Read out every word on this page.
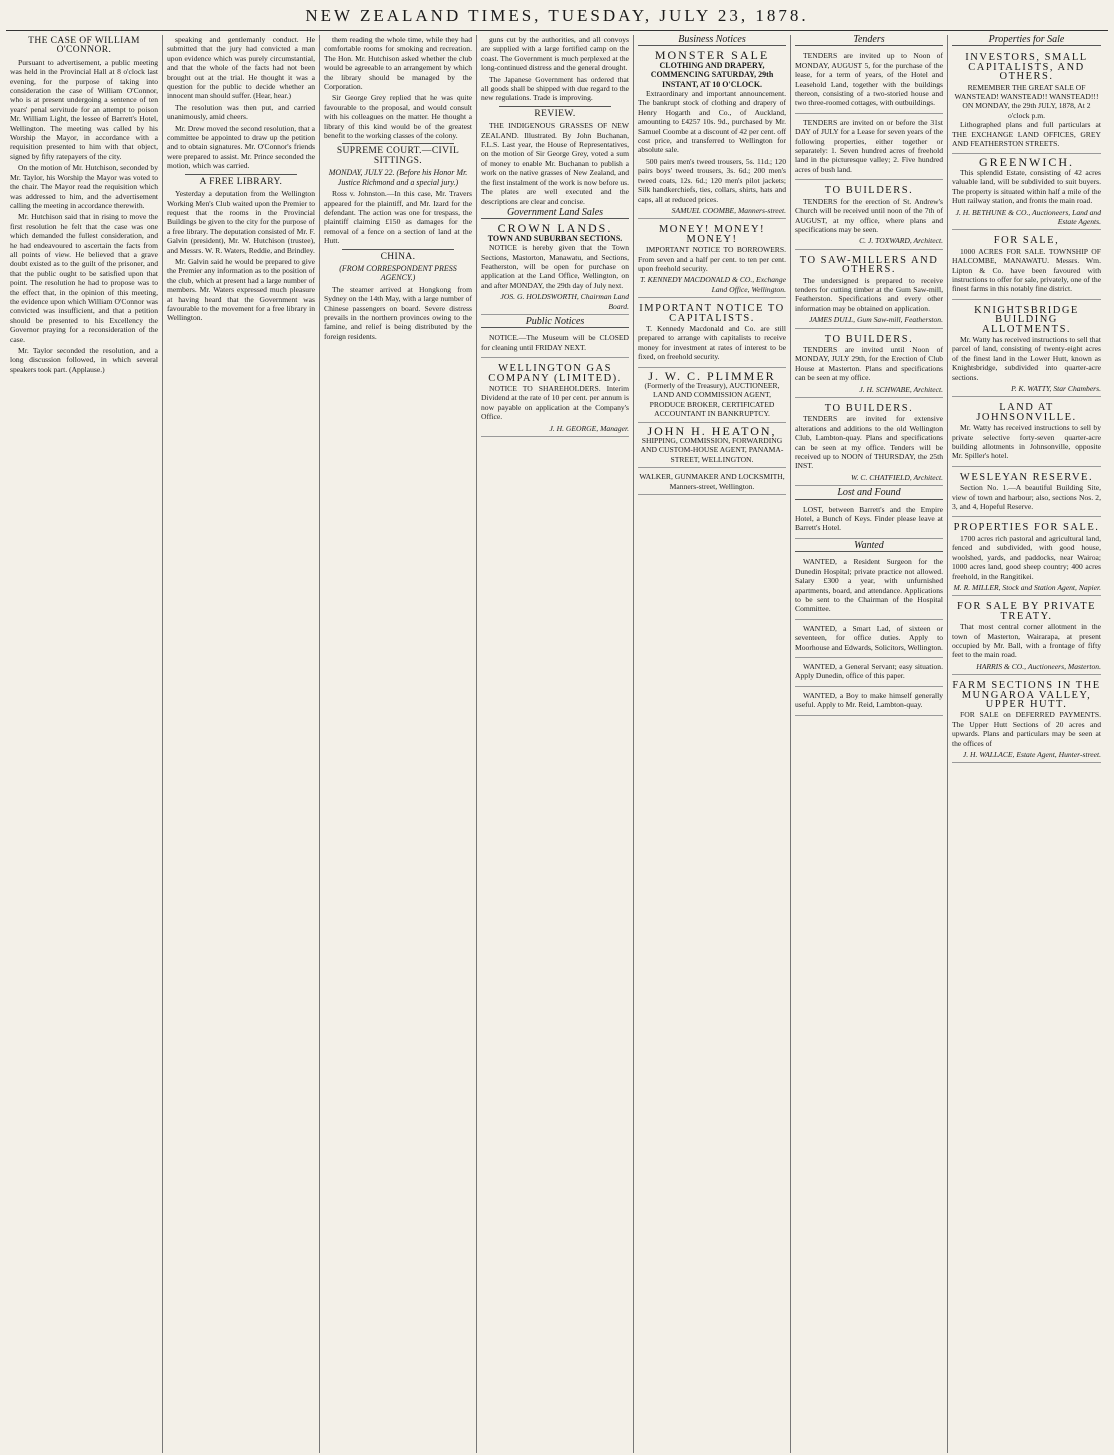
NEW ZEALAND TIMES, TUESDAY, JULY 23, 1878.
THE CASE OF WILLIAM O'CONNOR.

Pursuant to advertisement, a public meeting was held in the Provincial Hall at 8 o'clock last evening, for the purpose of taking into consideration the case of William O'Connor, who is at present undergoing a sentence of ten years' penal servitude for an attempt to poison Mr. William Light, the lessee of Barrett's Hotel, Wellington. The meeting was called by his Worship the Mayor, in accordance with a requisition presented to him with that object, signed by fifty ratepayers of the city.

On the motion of Mr. Hutchison, seconded by Mr. Taylor, his Worship the Mayor was voted to the chair. The Mayor read the requisition which was addressed to him, and the advertisement calling the meeting in accordance therewith.

Mr. Hutchison said that in rising to move the first resolution he felt that the case was one which demanded the fullest consideration, and he had endeavoured to ascertain the facts from all points of view. He believed that a grave doubt existed as to the guilt of the prisoner, and that the public ought to be satisfied upon that point. The resolution he had to propose was to the effect that, in the opinion of this meeting, the evidence upon which William O'Connor was convicted was insufficient, and that a petition should be presented to his Excellency the Governor praying for a reconsideration of the case.

Mr. Taylor seconded the resolution, and a long discussion followed, in which several speakers took part. (Applause.)

speaking and gentlemanly conduct. He submitted that the jury had convicted a man upon evidence which was purely circumstantial, and that the whole of the facts had not been brought out at the trial. He thought it was a question for the public to decide whether an innocent man should suffer. (Hear, hear.)

The resolution was then put, and carried unanimously, amid cheers.

Mr. Drew moved the second resolution, that a committee be appointed to draw up the petition and to obtain signatures. Mr. O'Connor's friends were prepared to assist. Mr. Prince seconded the motion, which was carried.

A FREE LIBRARY.

Yesterday a deputation from the Wellington Working Men's Club waited upon the Premier to request that the rooms in the Provincial Buildings be given to the city for the purpose of a free library. The deputation consisted of Mr. F. Galvin (president), Mr. W. Hutchison (trustee), and Messrs. W. R. Waters, Reddie, and Brindley.

Mr. Galvin said he would be prepared to give the Premier any information as to the position of the club, which at present had a large number of members. Mr. Waters expressed much pleasure at having heard that the Government was favourable to the movement for a free library in Wellington.

them reading the whole time, while they had comfortable rooms for smoking and recreation. The Hon. Mr. Hutchison asked whether the club would be agreeable to an arrangement by which the library should be managed by the Corporation.

Sir George Grey replied that he was quite favourable to the proposal, and would consult with his colleagues on the matter. He thought a library of this kind would be of the greatest benefit to the working classes of the colony.

SUPREME COURT.—CIVIL SITTINGS.
MONDAY, JULY 22. (Before his Honor Mr. Justice Richmond and a special jury.)

Ross v. Johnston.—In this case, Mr. Travers appeared for the plaintiff, and Mr. Izard for the defendant. The action was one for trespass, the plaintiff claiming £150 as damages for the removal of a fence on a section of land at the Hutt.

CHINA.
(FROM CORRESPONDENT PRESS AGENCY.)

The steamer arrived at Hongkong from Sydney on the 14th May, with a large number of Chinese passengers on board. Severe distress prevails in the northern provinces owing to the famine, and relief is being distributed by the foreign residents.

guns cut by the authorities, and all convoys are supplied with a large fortified camp on the coast. The Government is much perplexed at the long-continued distress and the general drought.

The Japanese Government has ordered that all goods shall be shipped with due regard to the new regulations. Trade is improving.

REVIEW.

THE INDIGENOUS GRASSES OF NEW ZEALAND. Illustrated. By John Buchanan, F.L.S. Last year, the House of Representatives, on the motion of Sir George Grey, voted a sum of money to enable Mr. Buchanan to publish a work on the native grasses of New Zealand, and the first instalment of the work is now before us. The plates are well executed and the descriptions are clear and concise.

Government Land Sales
CROWN LANDS.
TOWN AND SUBURBAN SECTIONS.

NOTICE is hereby given that the Town Sections, Mastorton, Manawatu, and Sections, Featherston, will be open for purchase on application at the Land Office, Wellington, on and after MONDAY, the 29th day of July next.

JOS. G. HOLDSWORTH, Chairman Land Board.
Public Notices

NOTICE.—The Museum will be CLOSED for cleaning until FRIDAY NEXT.

WELLINGTON GAS COMPANY (LIMITED).

NOTICE TO SHAREHOLDERS. Interim Dividend at the rate of 10 per cent. per annum is now payable on application at the Company's Office.

J. H. GEORGE, Manager.
Business Notices
MONSTER SALE
CLOTHING AND DRAPERY, COMMENCING SATURDAY, 29th INSTANT, AT 10 O'CLOCK.

Extraordinary and important announcement. The bankrupt stock of clothing and drapery of Henry Hogarth and Co., of Auckland, amounting to £4257 10s. 9d., purchased by Mr. Samuel Coombe at a discount of 42 per cent. off cost price, and transferred to Wellington for absolute sale.

500 pairs men's tweed trousers, 5s. 11d.; 120 pairs boys' tweed trousers, 3s. 6d.; 200 men's tweed coats, 12s. 6d.; 120 men's pilot jackets; Silk handkerchiefs, ties, collars, shirts, hats and caps, all at reduced prices.

SAMUEL COOMBE, Manners-street.
MONEY! MONEY! MONEY!

IMPORTANT NOTICE TO BORROWERS. From seven and a half per cent. to ten per cent. upon freehold security.

T. KENNEDY MACDONALD & CO., Exchange Land Office, Wellington.
IMPORTANT NOTICE TO CAPITALISTS.

T. Kennedy Macdonald and Co. are still prepared to arrange with capitalists to receive money for investment at rates of interest to be fixed, on freehold security.

J. W. C. PLIMMER
(Formerly of the Treasury), AUCTIONEER, LAND AND COMMISSION AGENT, PRODUCE BROKER, CERTIFICATED ACCOUNTANT IN BANKRUPTCY.
JOHN H. HEATON,
SHIPPING, COMMISSION, FORWARDING AND CUSTOM-HOUSE AGENT, PANAMA-STREET, WELLINGTON.
WALKER, GUNMAKER AND LOCKSMITH, Manners-street, Wellington.
Tenders

TENDERS are invited up to Noon of MONDAY, AUGUST 5, for the purchase of the lease, for a term of years, of the Hotel and Leasehold Land, together with the buildings thereon, consisting of a two-storied house and two three-roomed cottages, with outbuildings.

TENDERS are invited on or before the 31st DAY of JULY for a Lease for seven years of the following properties, either together or separately: 1. Seven hundred acres of freehold land in the picturesque valley; 2. Five hundred acres of bush land.

TO BUILDERS.

TENDERS for the erection of St. Andrew's Church will be received until noon of the 7th of AUGUST, at my office, where plans and specifications may be seen.

C. J. TOXWARD, Architect.
TO SAW-MILLERS AND OTHERS.

The undersigned is prepared to receive tenders for cutting timber at the Gum Saw-mill, Featherston. Specifications and every other information may be obtained on application.

JAMES DULL, Gum Saw-mill, Featherston.
TO BUILDERS.

TENDERS are invited until Noon of MONDAY, JULY 29th, for the Erection of Club House at Masterton. Plans and specifications can be seen at my office.

J. H. SCHWABE, Architect.
TO BUILDERS.

TENDERS are invited for extensive alterations and additions to the old Wellington Club, Lambton-quay. Plans and specifications can be seen at my office. Tenders will be received up to NOON of THURSDAY, the 25th INST.

W. C. CHATFIELD, Architect.
Lost and Found

LOST, between Barrett's and the Empire Hotel, a Bunch of Keys. Finder please leave at Barrett's Hotel.

Wanted

WANTED, a Resident Surgeon for the Dunedin Hospital; private practice not allowed. Salary £300 a year, with unfurnished apartments, board, and attendance. Applications to be sent to the Chairman of the Hospital Committee.

WANTED, a Smart Lad, of sixteen or seventeen, for office duties. Apply to Moorhouse and Edwards, Solicitors, Wellington.

WANTED, a General Servant; easy situation. Apply Dunedin, office of this paper.

WANTED, a Boy to make himself generally useful. Apply to Mr. Reid, Lambton-quay.

Properties for Sale
INVESTORS, SMALL CAPITALISTS, AND OTHERS.
REMEMBER THE GREAT SALE OF WANSTEAD! WANSTEAD!! WANSTEAD!!! ON MONDAY, the 29th JULY, 1878, At 2 o'clock p.m.

Lithographed plans and full particulars at THE EXCHANGE LAND OFFICES, GREY AND FEATHERSTON STREETS.

GREENWICH.

This splendid Estate, consisting of 42 acres valuable land, will be subdivided to suit buyers. The property is situated within half a mile of the Hutt railway station, and fronts the main road.

J. H. BETHUNE & CO., Auctioneers, Land and Estate Agents.
FOR SALE,

1000 ACRES FOR SALE. TOWNSHIP OF HALCOMBE, MANAWATU. Messrs. Wm. Lipton & Co. have been favoured with instructions to offer for sale, privately, one of the finest farms in this notably fine district.

KNIGHTSBRIDGE BUILDING ALLOTMENTS.

Mr. Watty has received instructions to sell that parcel of land, consisting of twenty-eight acres of the finest land in the Lower Hutt, known as Knightsbridge, subdivided into quarter-acre sections.

P. K. WATTY, Star Chambers.
LAND AT JOHNSONVILLE.

Mr. Watty has received instructions to sell by private selective forty-seven quarter-acre building allotments in Johnsonville, opposite Mr. Spiller's hotel.

WESLEYAN RESERVE.

Section No. 1.—A beautiful Building Site, view of town and harbour; also, sections Nos. 2, 3, and 4, Hopeful Reserve.

PROPERTIES FOR SALE.

1700 acres rich pastoral and agricultural land, fenced and subdivided, with good house, woolshed, yards, and paddocks, near Wairoa; 1000 acres land, good sheep country; 400 acres freehold, in the Rangitikei.

M. R. MILLER, Stock and Station Agent, Napier.
FOR SALE BY PRIVATE TREATY.

That most central corner allotment in the town of Masterton, Wairarapa, at present occupied by Mr. Ball, with a frontage of fifty feet to the main road.

HARRIS & CO., Auctioneers, Masterton.
FARM SECTIONS IN THE MUNGAROA VALLEY, UPPER HUTT.

FOR SALE on DEFERRED PAYMENTS. The Upper Hutt Sections of 20 acres and upwards. Plans and particulars may be seen at the offices of

J. H. WALLACE, Estate Agent, Hunter-street.
